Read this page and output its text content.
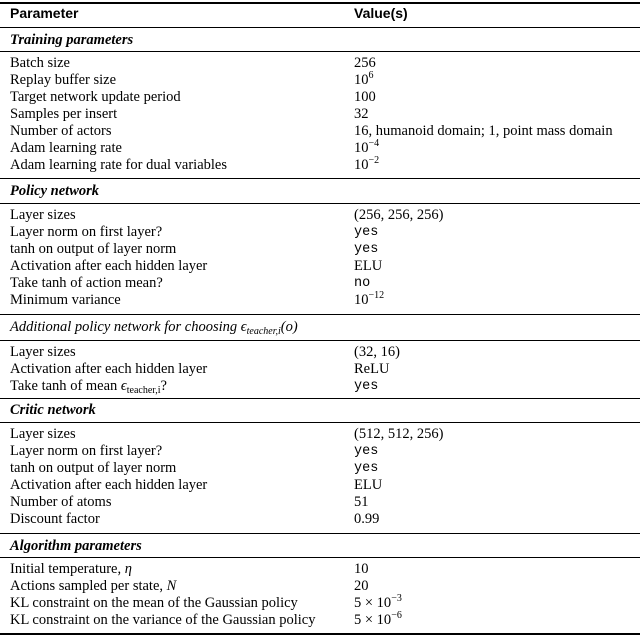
Parameter	Value(s)
Training parameters
Batch size	256
Replay buffer size	$10^6$
Target network update period	100
Samples per insert	32
Number of actors	16, humanoid domain; 1, point mass domain
Adam learning rate	$10^{-4}$
Adam learning rate for dual variables	$10^{-2}$
Policy network
Layer sizes	(256, 256, 256)
Layer norm on first layer?	yes
tanh on output of layer norm	yes
Activation after each hidden layer	ELU
Take tanh of action mean?	no
Minimum variance	$10^{-12}$
Additional policy network for choosing $\epsilon_{teacher,i}(o)$
Layer sizes	(32, 16)
Activation after each hidden layer	ReLU
Take tanh of mean $\epsilon_{teacher,i}$?	yes
Critic network
Layer sizes	(512, 512, 256)
Layer norm on first layer?	yes
tanh on output of layer norm	yes
Activation after each hidden layer	ELU
Number of atoms	51
Discount factor	0.99
Algorithm parameters
Initial temperature, η	10
Actions sampled per state, N	20
KL constraint on the mean of the Gaussian policy	$5 \times 10^{-3}$
KL constraint on the variance of the Gaussian policy	$5 \times 10^{-6}$
